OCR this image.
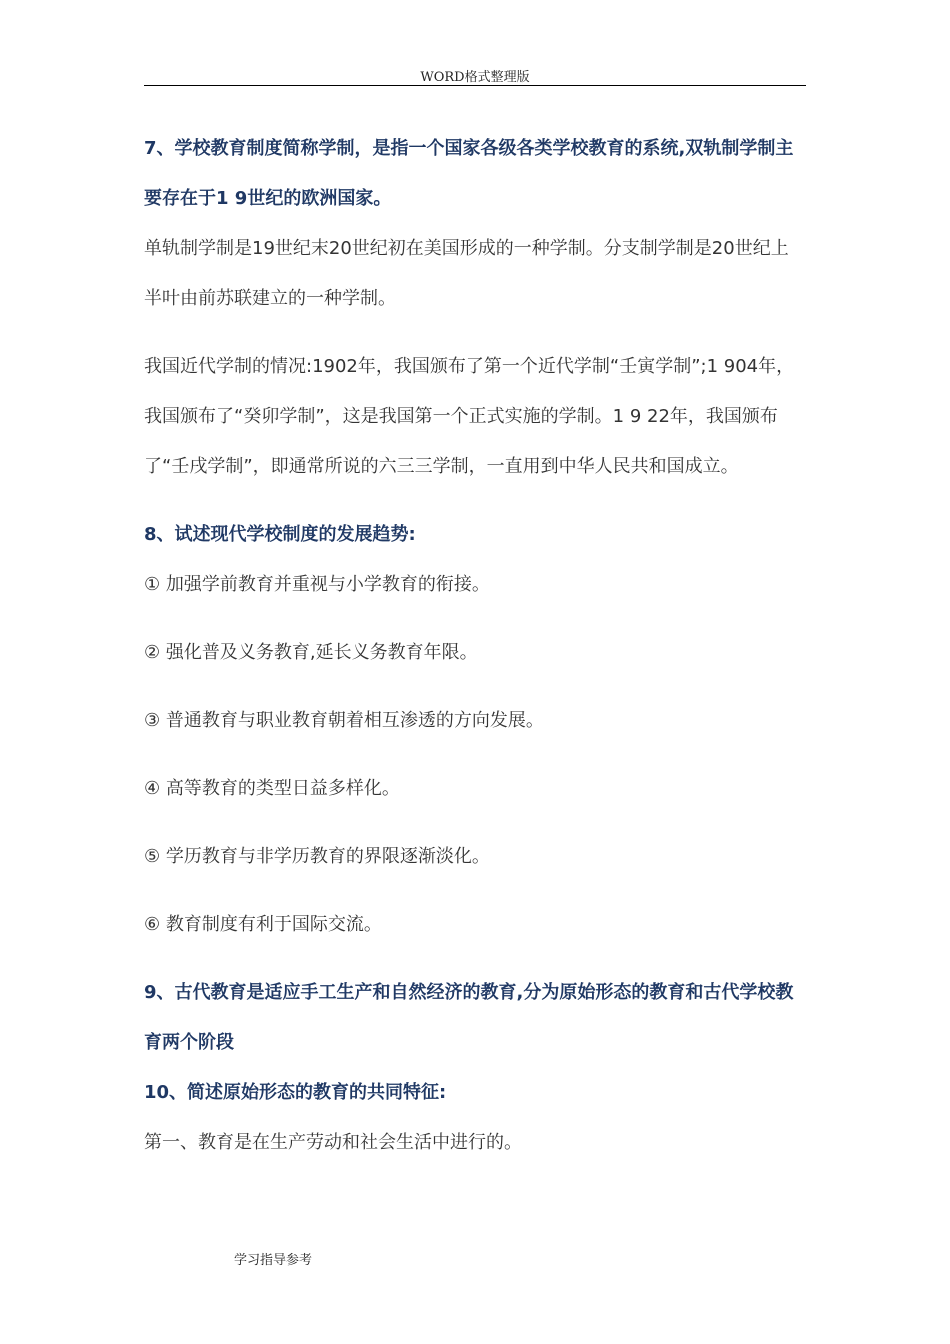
WORD格式整理版

7、学校教育制度简称学制，是指一个国家各级各类学校教育的系统,双轨制学制主要存在于1 9世纪的欧洲国家。

单轨制学制是19世纪末20世纪初在美国形成的一种学制。分支制学制是20世纪上半叶由前苏联建立的一种学制。

我国近代学制的情况:1902年，我国颁布了第一个近代学制“壬寅学制”;1 904年，我国颁布了“癸卯学制”，这是我国第一个正式实施的学制。1 9 22年，我国颁布了“壬戌学制”，即通常所说的六三三学制，一直用到中华人民共和国成立。

8、试述现代学校制度的发展趋势:

① 加强学前教育并重视与小学教育的衔接。

② 强化普及义务教育,延长义务教育年限。

③ 普通教育与职业教育朝着相互渗透的方向发展。

④ 高等教育的类型日益多样化。

⑤ 学历教育与非学历教育的界限逐渐淡化。

⑥ 教育制度有利于国际交流。

9、古代教育是适应手工生产和自然经济的教育,分为原始形态的教育和古代学校教育两个阶段

10、简述原始形态的教育的共同特征:

第一、教育是在生产劳动和社会生活中进行的。

学习指导参考
